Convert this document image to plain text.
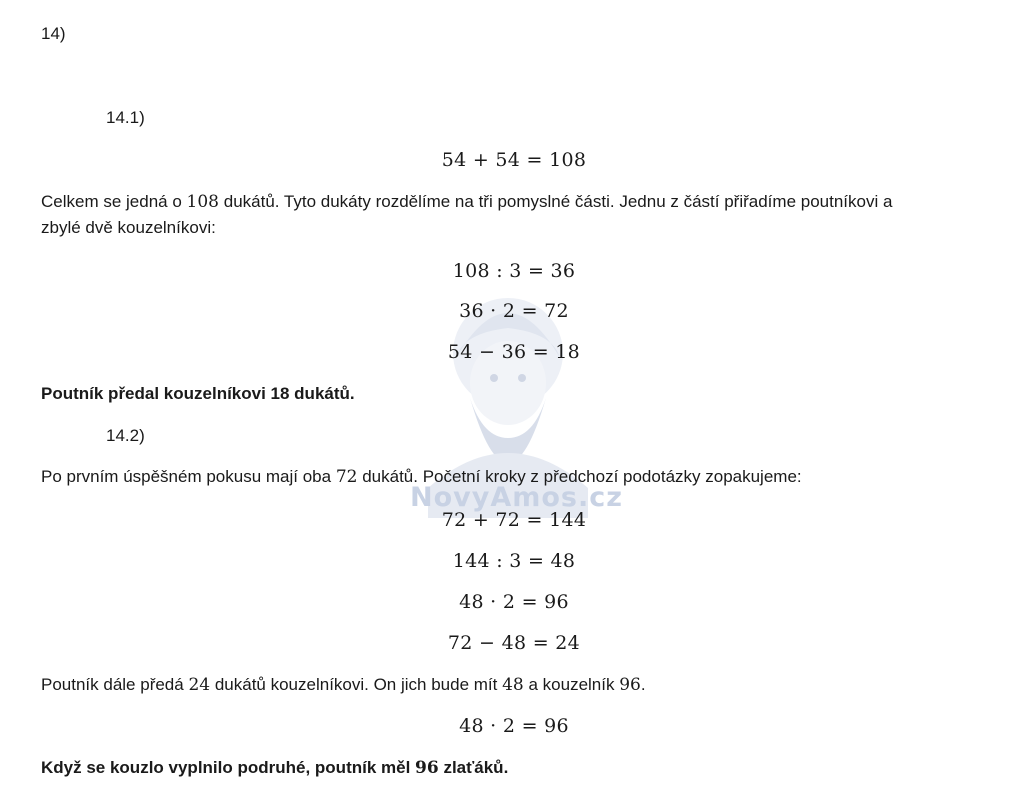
NovyAmos.cz
14)
14.1)
54 + 54 = 108
Celkem se jedná o 108 dukátů. Tyto dukáty rozdělíme na tři pomyslné části. Jednu z částí přiřadíme poutníkovi a
zbylé dvě kouzelníkovi:
108 : 3 = 36
36 · 2 = 72
54 − 36 = 18
Poutník předal kouzelníkovi 18 dukátů.
14.2)
Po prvním úspěšném pokusu mají oba 72 dukátů. Početní kroky z předchozí podotázky zopakujeme:
72 + 72 = 144
144 : 3 = 48
48 · 2 = 96
72 − 48 = 24
Poutník dále předá 24 dukátů kouzelníkovi. On jich bude mít 48 a kouzelník 96.
48 · 2 = 96
Když se kouzlo vyplnilo podruhé, poutník měl 96 zlaťáků.
